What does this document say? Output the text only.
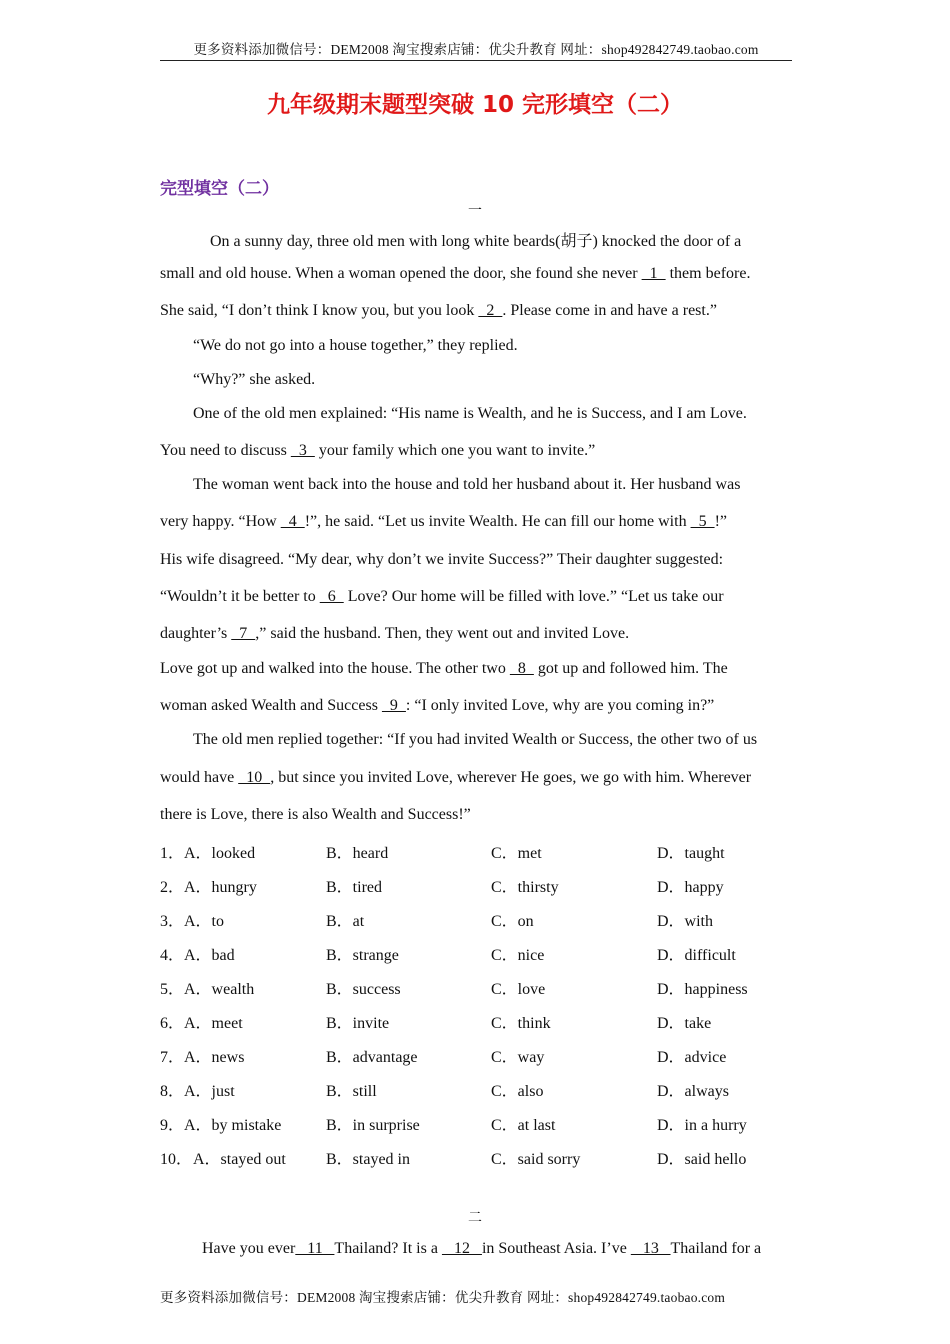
更多资料添加微信号：DEM2008 淘宝搜索店铺：优尖升教育 网址：shop492842749.taobao.com
九年级期末题型突破 10 完形填空（二）
完型填空（二）
一
On a sunny day, three old men with long white beards(胡子) knocked the door of a
small and old house. When a woman opened the door, she found she never   1   them before.
She said, “I don’t think I know you, but you look   2  . Please come in and have a rest.”
“We do not go into a house together,” they replied.
“Why?” she asked.
One of the old men explained: “His name is Wealth, and he is Success, and I am Love.
You need to discuss   3   your family which one you want to invite.”
The woman went back into the house and told her husband about it. Her husband was
very happy. “How   4  !”, he said. “Let us invite Wealth. He can fill our home with   5  !”
His wife disagreed. “My dear, why don’t we invite Success?” Their daughter suggested:
“Wouldn’t it be better to   6   Love? Our home will be filled with love.” “Let us take our
daughter’s   7  ,” said the husband. Then, they went out and invited Love.
Love got up and walked into the house. The other two   8   got up and followed him. The
woman asked Wealth and Success   9  : “I only invited Love, why are you coming in?”
The old men replied together: “If you had invited Wealth or Success, the other two of us
would have   10  , but since you invited Love, wherever He goes, we go with him. Wherever
there is Love, there is also Wealth and Success!”
1． A．looked	B．heard	C．met	D．taught
2． A．hungry	B．tired	C．thirsty	D．happy
3． A．to	B．at	C．on	D．with
4． A．bad	B．strange	C．nice	D．difficult
5． A．wealth	B．success	C．love	D．happiness
6． A．meet	B．invite	C．think	D．take
7． A．news	B．advantage	C．way	D．advice
8． A．just	B．still	C．also	D．always
9． A．by mistake	B．in surprise	C．at last	D．in a hurry
10． A．stayed out	B．stayed in	C．said sorry	D．said hello
二
Have you ever   11   Thailand? It is a    12   in Southeast Asia. I’ve    13   Thailand for a
更多资料添加微信号：DEM2008 淘宝搜索店铺：优尖升教育 网址：shop492842749.taobao.com
